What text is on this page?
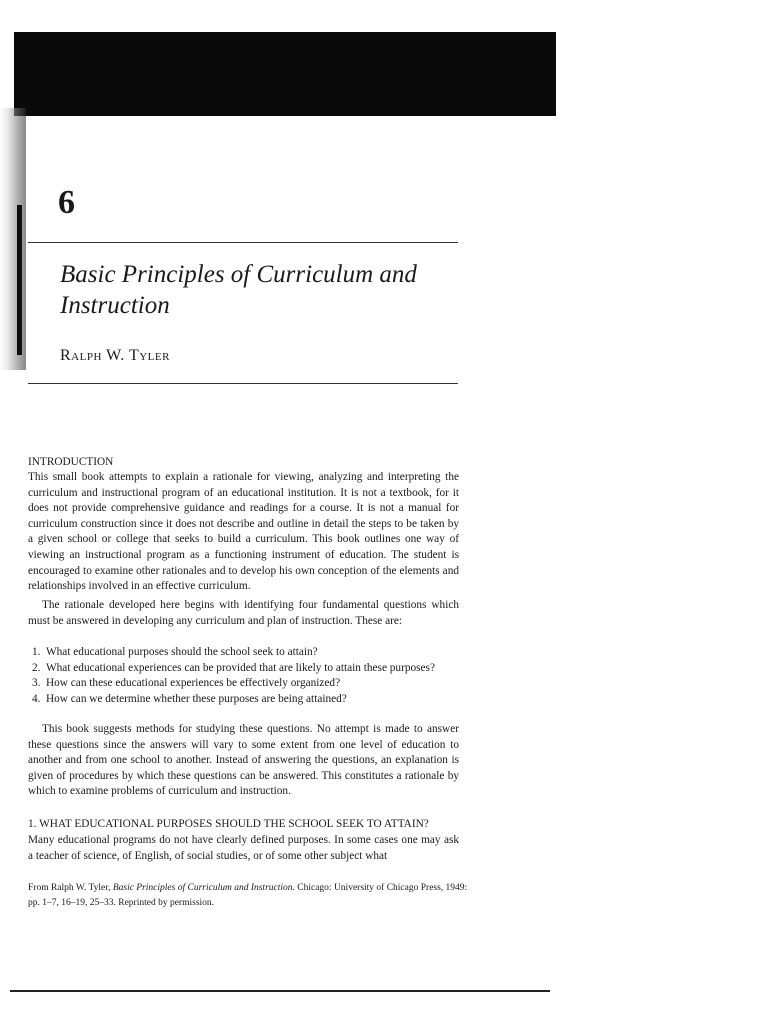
6
Basic Principles of Curriculum and Instruction
Ralph W. Tyler
INTRODUCTION

This small book attempts to explain a rationale for viewing, analyzing and interpreting the curriculum and instructional program of an educational institution. It is not a textbook, for it does not provide comprehensive guidance and readings for a course. It is not a manual for curriculum construction since it does not describe and outline in detail the steps to be taken by a given school or college that seeks to build a curriculum. This book outlines one way of viewing an instructional program as a functioning instrument of education. The student is encouraged to examine other rationales and to develop his own conception of the elements and relationships involved in an effective curriculum.

The rationale developed here begins with identifying four fundamental questions which must be answered in developing any curriculum and plan of instruction. These are:

1. What educational purposes should the school seek to attain?
2. What educational experiences can be provided that are likely to attain these purposes?
3. How can these educational experiences be effectively organized?
4. How can we determine whether these purposes are being attained?

This book suggests methods for studying these questions. No attempt is made to answer these questions since the answers will vary to some extent from one level of education to another and from one school to another. Instead of answering the questions, an explanation is given of procedures by which these questions can be answered. This constitutes a rationale by which to examine problems of curriculum and instruction.

1. WHAT EDUCATIONAL PURPOSES SHOULD THE SCHOOL SEEK TO ATTAIN?

Many educational programs do not have clearly defined purposes. In some cases one may ask a teacher of science, of English, of social studies, or of some other subject what

From Ralph W. Tyler, Basic Principles of Curriculum and Instruction. Chicago: University of Chicago Press, 1949: pp. 1–7, 16–19, 25–33. Reprinted by permission.
